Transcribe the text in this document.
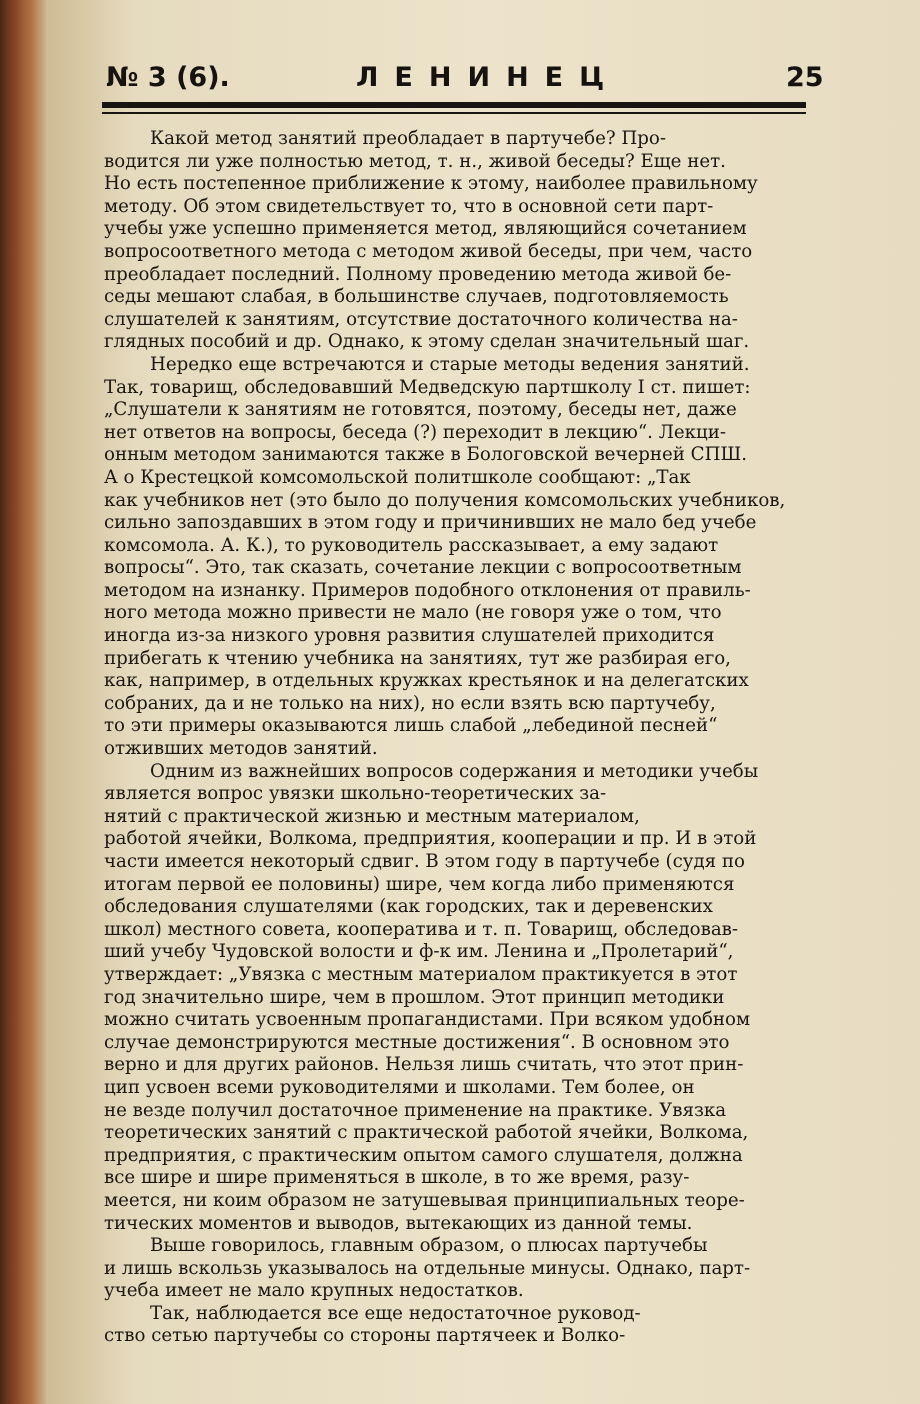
№ 3 (6).	ЛЕНИНЕЦ	25
Какой метод занятий преобладает в партучебе? Про-
водится ли уже полностью метод, т. н., живой беседы? Еще нет.
Но есть постепенное приближение к этому, наиболее правильному
методу. Об этом свидетельствует то, что в основной сети парт-
учебы уже успешно применяется метод, являющийся сочетанием
вопросоответного метода с методом живой беседы, при чем, часто
преобладает последний. Полному проведению метода живой бе-
седы мешают слабая, в большинстве случаев, подготовляемость
слушателей к занятиям, отсутствие достаточного количества на-
глядных пособий и др. Однако, к этому сделан значительный шаг.
Нередко еще встречаются и старые методы ведения занятий.
Так, товарищ, обследовавший Медведскую партшколу I ст. пишет:
„Слушатели к занятиям не готовятся, поэтому, беседы нет, даже
нет ответов на вопросы, беседа (?) переходит в лекцию“. Лекци-
онным методом занимаются также в Бологовской вечерней СПШ.
А о Крестецкой комсомольской политшколе сообщают: „Так
как учебников нет (это было до получения комсомольских учебников,
сильно запоздавших в этом году и причинивших не мало бед учебе
комсомола. А. К.), то руководитель рассказывает, а ему задают
вопросы“. Это, так сказать, сочетание лекции с вопросоответным
методом на изнанку. Примеров подобного отклонения от правиль-
ного метода можно привести не мало (не говоря уже о том, что
иногда из-за низкого уровня развития слушателей приходится
прибегать к чтению учебника на занятиях, тут же разбирая его,
как, например, в отдельных кружках крестьянок и на делегатских
собраних, да и не только на них), но если взять всю партучебу,
то эти примеры оказываются лишь слабой „лебединой песней“
отживших методов занятий.
Одним из важнейших вопросов содержания и методики учебы
является вопрос увязки школьно-теоретических за-
нятий с практической жизнью и местным материалом,
работой ячейки, Волкома, предприятия, кооперации и пр. И в этой
части имеется некоторый сдвиг. В этом году в партучебе (судя по
итогам первой ее половины) шире, чем когда либо применяются
обследования слушателями (как городских, так и деревенских
школ) местного совета, кооператива и т. п. Товарищ, обследовав-
ший учебу Чудовской волости и ф-к им. Ленина и „Пролетарий“,
утверждает: „Увязка с местным материалом практикуется в этот
год значительно шире, чем в прошлом. Этот принцип методики
можно считать усвоенным пропагандистами. При всяком удобном
случае демонстрируются местные достижения“. В основном это
верно и для других районов. Нельзя лишь считать, что этот прин-
цип усвоен всеми руководителями и школами. Тем более, он
не везде получил достаточное применение на практике. Увязка
теоретических занятий с практической работой ячейки, Волкома,
предприятия, с практическим опытом самого слушателя, должна
все шире и шире применяться в школе, в то же время, разу-
меется, ни коим образом не затушевывая принципиальных теоре-
тических моментов и выводов, вытекающих из данной темы.
Выше говорилось, главным образом, о плюсах партучебы
и лишь вскользь указывалось на отдельные минусы. Однако, парт-
учеба имеет не мало крупных недостатков.
Так, наблюдается все еще недостаточное руковод-
ство сетью партучебы со стороны партячеек и Волко-
